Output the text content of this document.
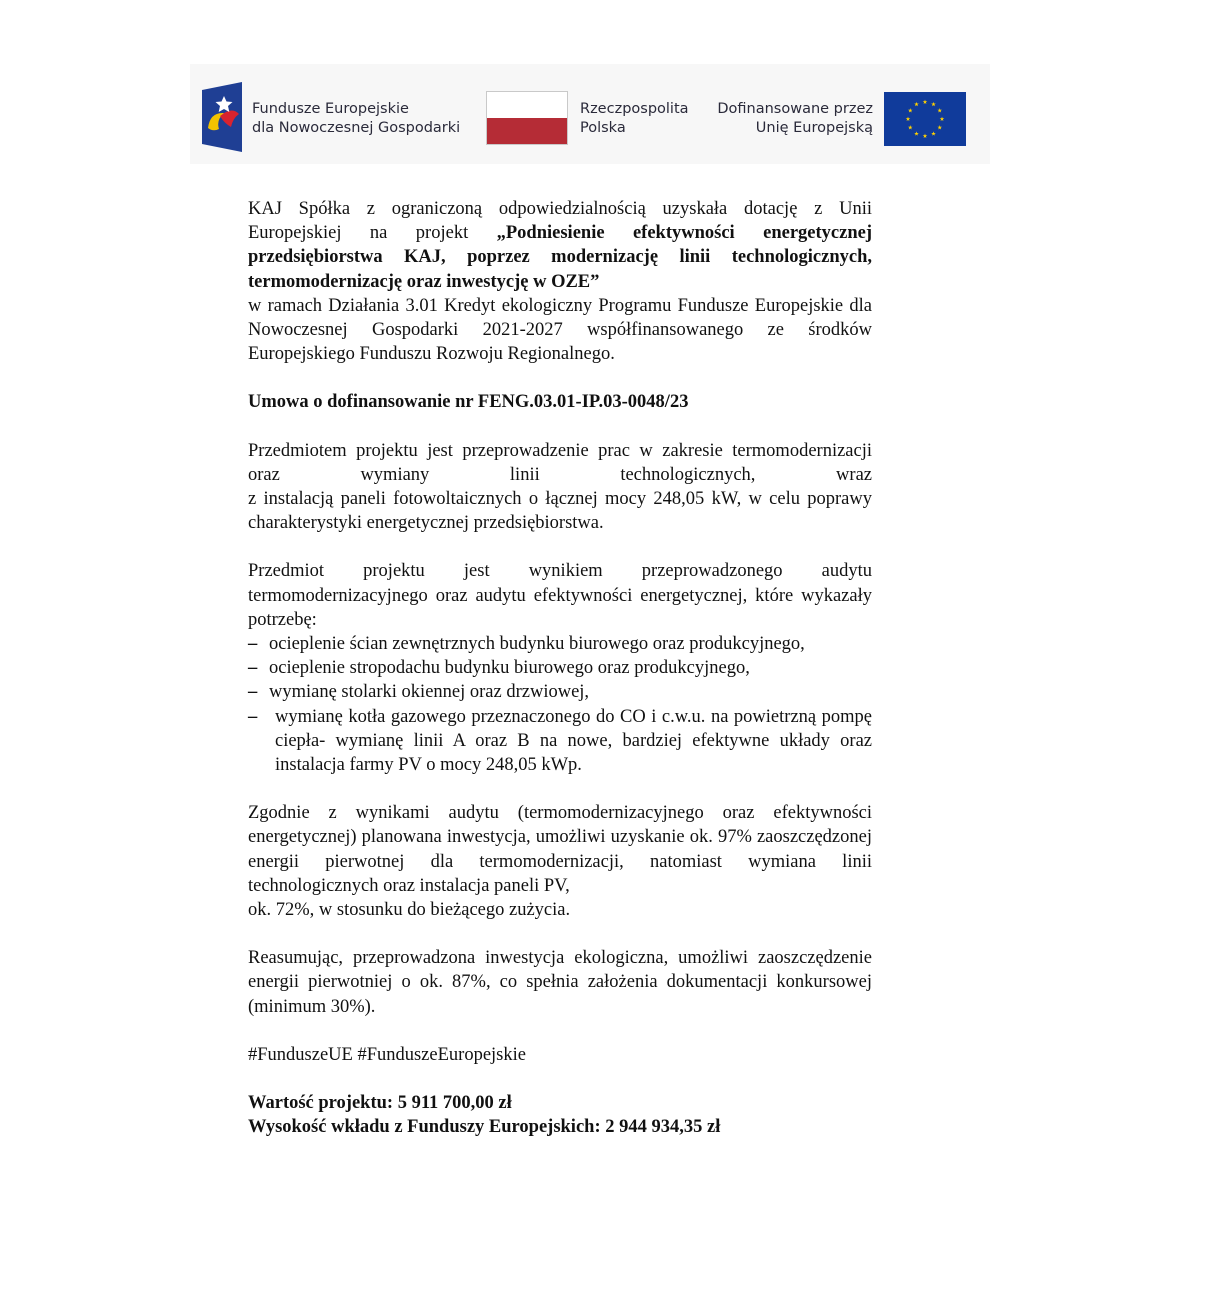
Fundusze Europejskie
dla Nowoczesnej Gospodarki
Rzeczpospolita
Polska
Dofinansowane przez
Unię Europejską

KAJ Spółka z ograniczoną odpowiedzialnością uzyskała dotację z Unii Europejskiej na projekt „Podniesienie efektywności energetycznej przedsiębiorstwa KAJ, poprzez modernizację linii technologicznych, termomodernizację oraz inwestycję w OZE”

w ramach Działania 3.01 Kredyt ekologiczny Programu Fundusze Europejskie dla Nowoczesnej Gospodarki 2021-2027 współfinansowanego ze środków Europejskiego Funduszu Rozwoju Regionalnego.

Umowa o dofinansowanie nr FENG.03.01-IP.03-0048/23

Przedmiotem projektu jest przeprowadzenie prac w zakresie termomodernizacji oraz wymiany linii technologicznych, wraz

z instalacją paneli fotowoltaicznych o łącznej mocy 248,05 kW, w celu poprawy charakterystyki energetycznej przedsiębiorstwa.

Przedmiot projektu jest wynikiem przeprowadzonego audytu termomodernizacyjnego oraz audytu efektywności energetycznej, które wykazały potrzebę:

– ocieplenie ścian zewnętrznych budynku biurowego oraz produkcyjnego,
– ocieplenie stropodachu budynku biurowego oraz produkcyjnego,
– wymianę stolarki okiennej oraz drzwiowej,
– wymianę kotła gazowego przeznaczonego do CO i c.w.u. na powietrzną pompę ciepła- wymianę linii A oraz B na nowe, bardziej efektywne układy oraz instalacja farmy PV o mocy 248,05 kWp.

Zgodnie z wynikami audytu (termomodernizacyjnego oraz efektywności energetycznej) planowana inwestycja, umożliwi uzyskanie ok. 97% zaoszczędzonej energii pierwotnej dla termomodernizacji, natomiast wymiana linii technologicznych oraz instalacja paneli PV,

ok. 72%, w stosunku do bieżącego zużycia.

Reasumując, przeprowadzona inwestycja ekologiczna, umożliwi zaoszczędzenie energii pierwotniej o ok. 87%, co spełnia założenia dokumentacji konkursowej (minimum 30%).

#FunduszeUE #FunduszeEuropejskie

Wartość projektu: 5 911 700,00 zł

Wysokość wkładu z Funduszy Europejskich: 2 944 934,35 zł
